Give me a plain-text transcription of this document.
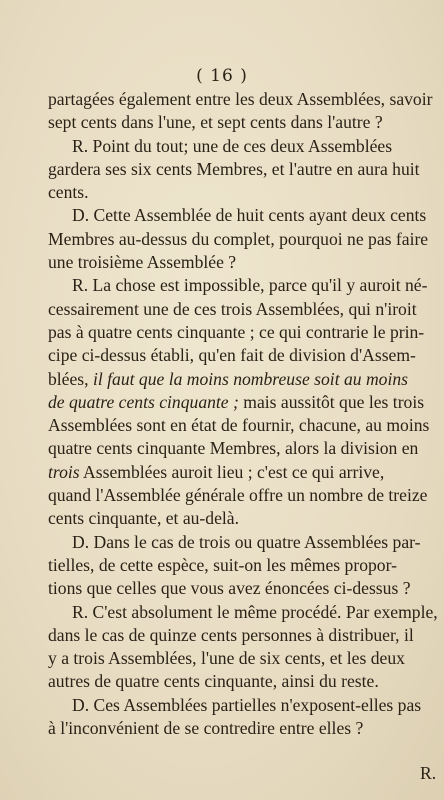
( 16 )
partagées également entre les deux Assemblées, savoir
sept cents dans l'une, et sept cents dans l'autre ?
R. Point du tout; une de ces deux Assemblées
gardera ses six cents Membres, et l'autre en aura huit
cents.
D. Cette Assemblée de huit cents ayant deux cents
Membres au-dessus du complet, pourquoi ne pas faire
une troisième Assemblée ?
R. La chose est impossible, parce qu'il y auroit né-
cessairement une de ces trois Assemblées, qui n'iroit
pas à quatre cents cinquante ; ce qui contrarie le prin-
cipe ci-dessus établi, qu'en fait de division d'Assem-
blées, il faut que la moins nombreuse soit au moins
de quatre cents cinquante ; mais aussitôt que les trois
Assemblées sont en état de fournir, chacune, au moins
quatre cents cinquante Membres, alors la division en
trois Assemblées auroit lieu ; c'est ce qui arrive,
quand l'Assemblée générale offre un nombre de treize
cents cinquante, et au-delà.
D. Dans le cas de trois ou quatre Assemblées par-
tielles, de cette espèce, suit-on les mêmes propor-
tions que celles que vous avez énoncées ci-dessus ?
R. C'est absolument le même procédé. Par exemple,
dans le cas de quinze cents personnes à distribuer, il
y a trois Assemblées, l'une de six cents, et les deux
autres de quatre cents cinquante, ainsi du reste.
D. Ces Assemblées partielles n'exposent-elles pas
à l'inconvénient de se contredire entre elles ?
R.
